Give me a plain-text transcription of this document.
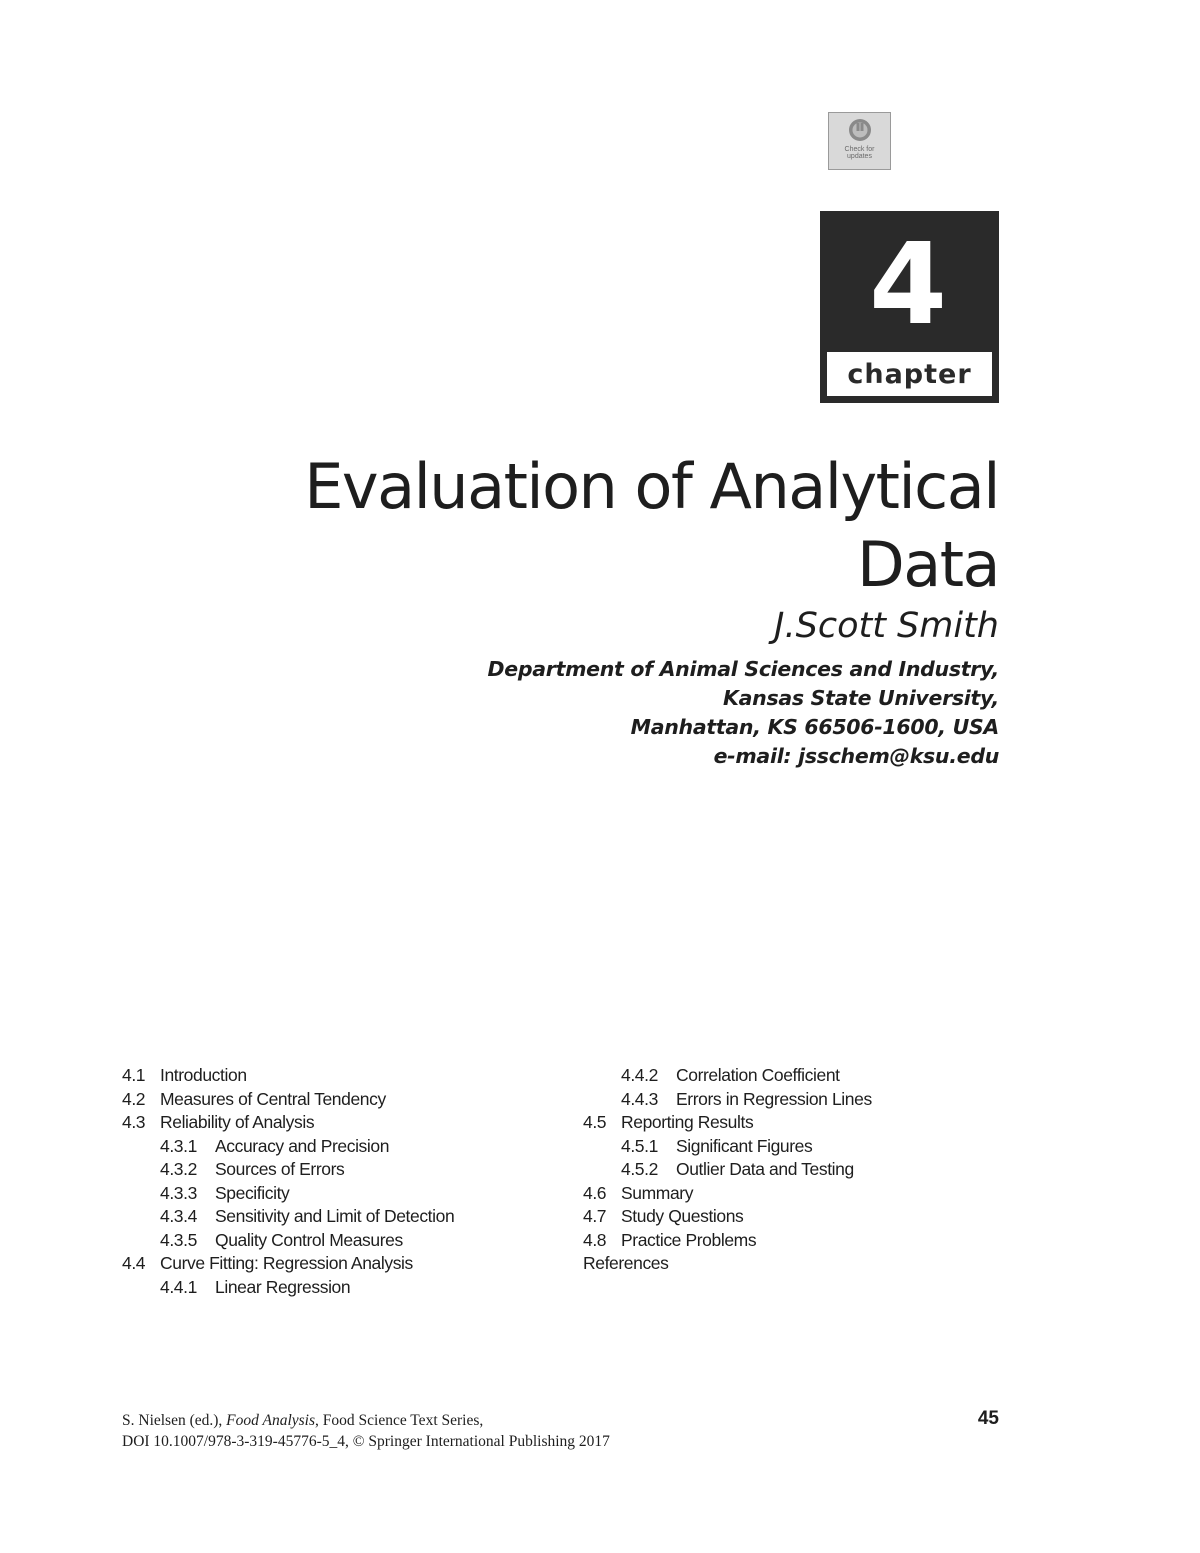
Check for updates
4
chapter
Evaluation of Analytical
Data
J.Scott Smith
Department of Animal Sciences and Industry,
Kansas State University,
Manhattan, KS 66506-1600, USA
e-mail: jsschem@ksu.edu
4.1 Introduction
4.2 Measures of Central Tendency
4.3 Reliability of Analysis
4.3.1 Accuracy and Precision
4.3.2 Sources of Errors
4.3.3 Specificity
4.3.4 Sensitivity and Limit of Detection
4.3.5 Quality Control Measures
4.4 Curve Fitting: Regression Analysis
4.4.1 Linear Regression
4.4.2 Correlation Coefficient
4.4.3 Errors in Regression Lines
4.5 Reporting Results
4.5.1 Significant Figures
4.5.2 Outlier Data and Testing
4.6 Summary
4.7 Study Questions
4.8 Practice Problems
References
S. Nielsen (ed.), Food Analysis, Food Science Text Series,
DOI 10.1007/978-3-319-45776-5_4, © Springer International Publishing 2017
45
